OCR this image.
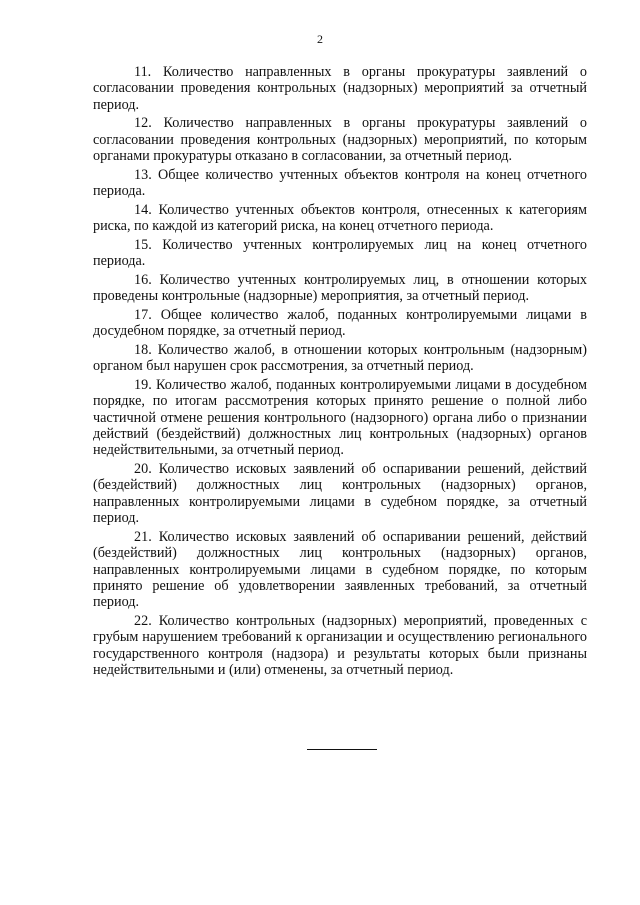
2

11. Количество направленных в органы прокуратуры заявлений о согласовании проведения контрольных (надзорных) мероприятий за отчетный период.

12. Количество направленных в органы прокуратуры заявлений о согласовании проведения контрольных (надзорных) мероприятий, по которым органами прокуратуры отказано в согласовании, за отчетный период.

13. Общее количество учтенных объектов контроля на конец отчетного периода.

14. Количество учтенных объектов контроля, отнесенных к категориям риска, по каждой из категорий риска, на конец отчетного периода.

15. Количество учтенных контролируемых лиц на конец отчетного периода.

16. Количество учтенных контролируемых лиц, в отношении которых проведены контрольные (надзорные) мероприятия, за отчетный период.

17. Общее количество жалоб, поданных контролируемыми лицами в досудебном порядке, за отчетный период.

18. Количество жалоб, в отношении которых контрольным (надзорным) органом был нарушен срок рассмотрения, за отчетный период.

19. Количество жалоб, поданных контролируемыми лицами в досудебном порядке, по итогам рассмотрения которых принято решение о полной либо частичной отмене решения контрольного (надзорного) органа либо о признании действий (бездействий) должностных лиц контрольных (надзорных) органов недействительными, за отчетный период.

20. Количество исковых заявлений об оспаривании решений, действий (бездействий) должностных лиц контрольных (надзорных) органов, направленных контролируемыми лицами в судебном порядке, за отчетный период.

21. Количество исковых заявлений об оспаривании решений, действий (бездействий) должностных лиц контрольных (надзорных) органов, направленных контролируемыми лицами в судебном порядке, по которым принято решение об удовлетворении заявленных требований, за отчетный период.

22. Количество контрольных (надзорных) мероприятий, проведенных с грубым нарушением требований к организации и осуществлению регионального государственного контроля (надзора) и результаты которых были признаны недействительными и (или) отменены, за отчетный период.
